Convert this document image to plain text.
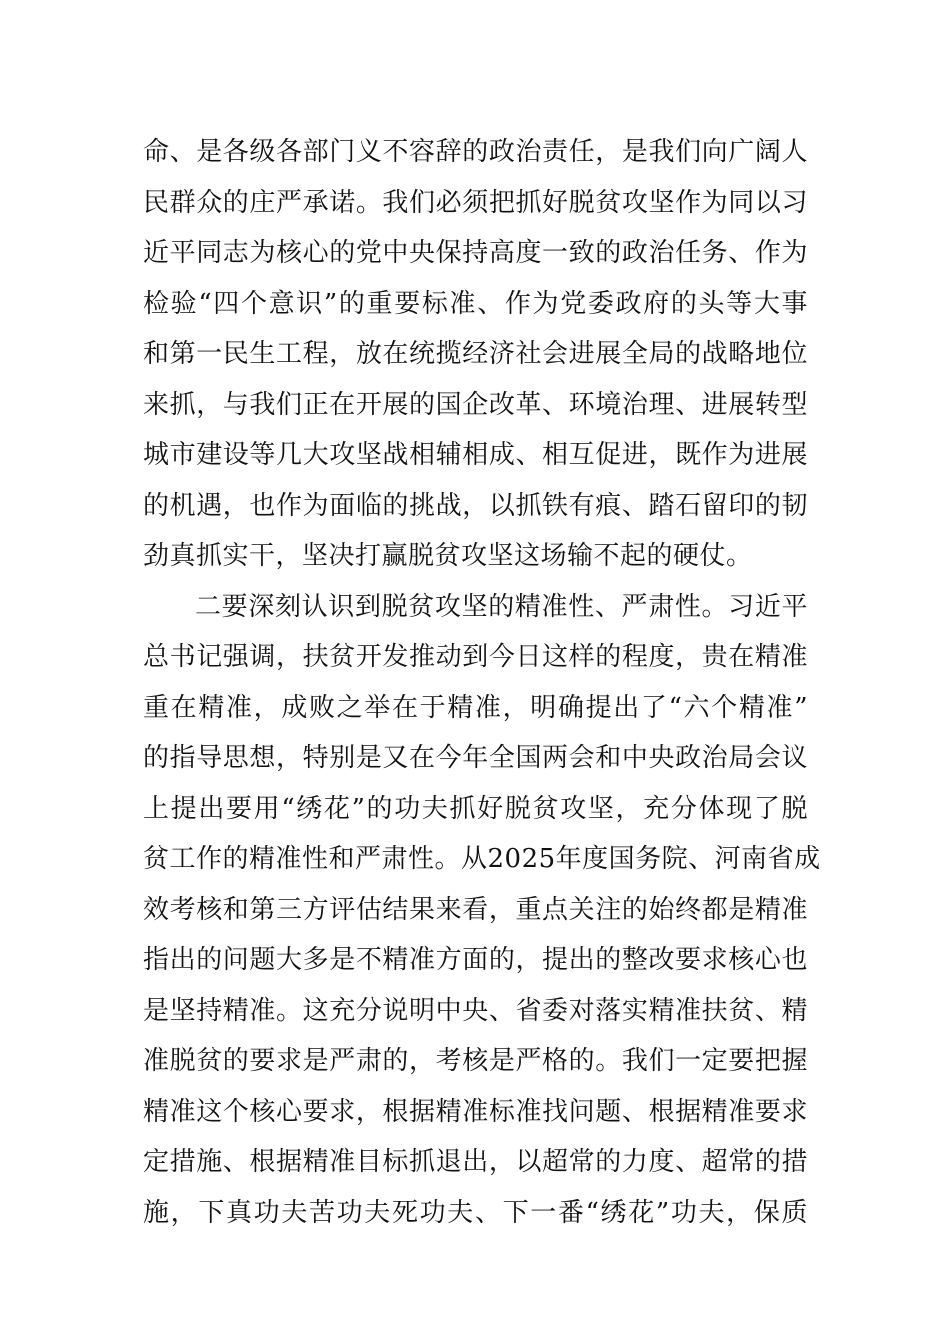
命、是各级各部门义不容辞的政治责任，是我们向广阔人
民群众的庄严承诺。我们必须把抓好脱贫攻坚作为同以习
近平同志为核心的党中央保持高度一致的政治任务、作为
检验“四个意识”的重要标准、作为党委政府的头等大事
和第一民生工程，放在统揽经济社会进展全局的战略地位
来抓，与我们正在开展的国企改革、环境治理、进展转型
城市建设等几大攻坚战相辅相成、相互促进，既作为进展
的机遇，也作为面临的挑战，以抓铁有痕、踏石留印的韧
劲真抓实干，坚决打赢脱贫攻坚这场输不起的硬仗。
二要深刻认识到脱贫攻坚的精准性、严肃性。习近平
总书记强调，扶贫开发推动到今日这样的程度，贵在精准
重在精准，成败之举在于精准，明确提出了“六个精准”
的指导思想，特别是又在今年全国两会和中央政治局会议
上提出要用“绣花”的功夫抓好脱贫攻坚，充分体现了脱
贫工作的精准性和严肃性。从2025年度国务院、河南省成
效考核和第三方评估结果来看，重点关注的始终都是精准
指出的问题大多是不精准方面的，提出的整改要求核心也
是坚持精准。这充分说明中央、省委对落实精准扶贫、精
准脱贫的要求是严肃的，考核是严格的。我们一定要把握
精准这个核心要求，根据精准标准找问题、根据精准要求
定措施、根据精准目标抓退出，以超常的力度、超常的措
施，下真功夫苦功夫死功夫、下一番“绣花”功夫，保质
